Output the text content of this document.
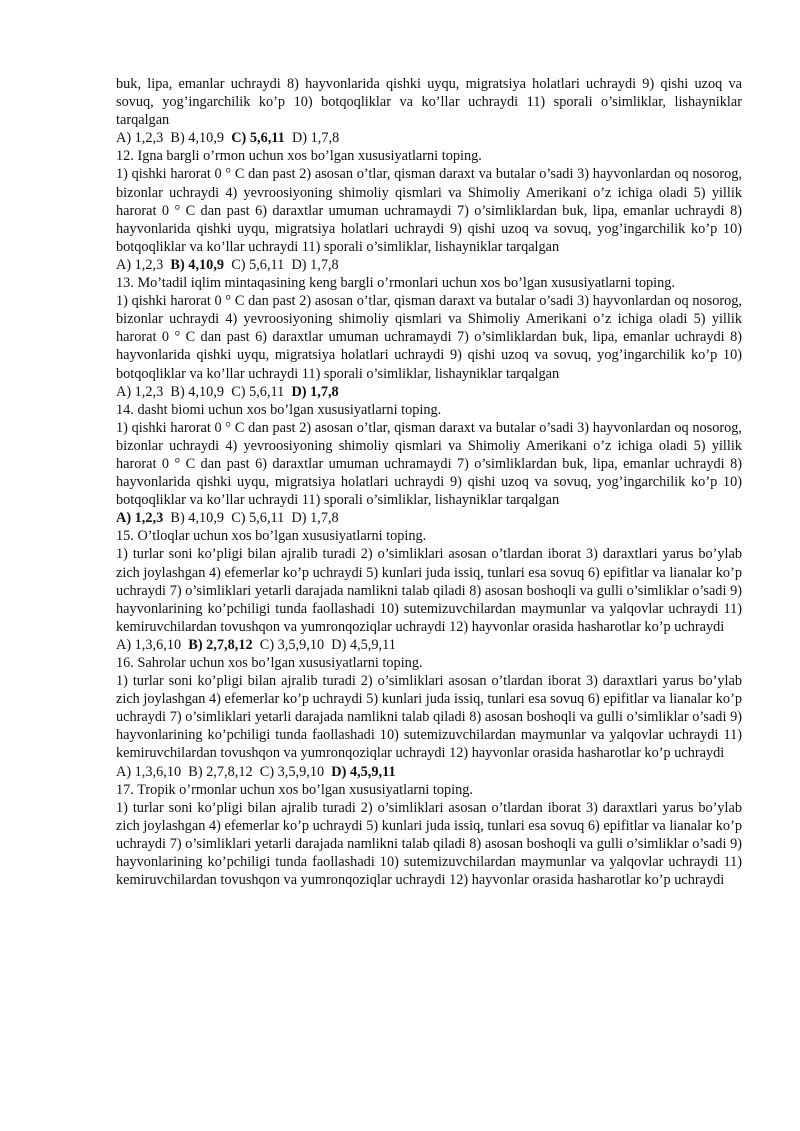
buk, lipa, emanlar uchraydi 8) hayvonlarida qishki uyqu, migratsiya holatlari uchraydi 9) qishi uzoq va sovuq, yog’ingarchilik ko’p 10) botqoqliklar va ko’llar uchraydi 11) sporali o’simliklar, lishayniklar tarqalgan

A) 1,2,3 B) 4,10,9 C) 5,6,11 D) 1,7,8

12. Igna bargli o’rmon uchun xos bo’lgan xususiyatlarni toping.

1) qishki harorat 0 ° C dan past 2) asosan o’tlar, qisman daraxt va butalar o’sadi 3) hayvonlardan oq nosorog, bizonlar uchraydi 4) yevroosiyoning shimoliy qismlari va Shimoliy Amerikani o’z ichiga oladi 5) yillik harorat 0 ° C dan past 6) daraxtlar umuman uchramaydi 7) o’simliklardan buk, lipa, emanlar uchraydi 8) hayvonlarida qishki uyqu, migratsiya holatlari uchraydi 9) qishi uzoq va sovuq, yog’ingarchilik ko’p 10) botqoqliklar va ko’llar uchraydi 11) sporali o’simliklar, lishayniklar tarqalgan

A) 1,2,3 B) 4,10,9 C) 5,6,11 D) 1,7,8

13. Mo’tadil iqlim mintaqasining keng bargli o’rmonlari uchun xos bo’lgan xususiyatlarni toping.

1) qishki harorat 0 ° C dan past 2) asosan o’tlar, qisman daraxt va butalar o’sadi 3) hayvonlardan oq nosorog, bizonlar uchraydi 4) yevroosiyoning shimoliy qismlari va Shimoliy Amerikani o’z ichiga oladi 5) yillik harorat 0 ° C dan past 6) daraxtlar umuman uchramaydi 7) o’simliklardan buk, lipa, emanlar uchraydi 8) hayvonlarida qishki uyqu, migratsiya holatlari uchraydi 9) qishi uzoq va sovuq, yog’ingarchilik ko’p 10) botqoqliklar va ko’llar uchraydi 11) sporali o’simliklar, lishayniklar tarqalgan

A) 1,2,3 B) 4,10,9 C) 5,6,11 D) 1,7,8

14. dasht biomi uchun xos bo’lgan xususiyatlarni toping.

1) qishki harorat 0 ° C dan past 2) asosan o’tlar, qisman daraxt va butalar o’sadi 3) hayvonlardan oq nosorog, bizonlar uchraydi 4) yevroosiyoning shimoliy qismlari va Shimoliy Amerikani o’z ichiga oladi 5) yillik harorat 0 ° C dan past 6) daraxtlar umuman uchramaydi 7) o’simliklardan buk, lipa, emanlar uchraydi 8) hayvonlarida qishki uyqu, migratsiya holatlari uchraydi 9) qishi uzoq va sovuq, yog’ingarchilik ko’p 10) botqoqliklar va ko’llar uchraydi 11) sporali o’simliklar, lishayniklar tarqalgan

A) 1,2,3 B) 4,10,9 C) 5,6,11 D) 1,7,8

15. O’tloqlar uchun xos bo’lgan xususiyatlarni toping.

1) turlar soni ko’pligi bilan ajralib turadi 2) o’simliklari asosan o’tlardan iborat 3) daraxtlari yarus bo’ylab zich joylashgan 4) efemerlar ko’p uchraydi 5) kunlari juda issiq, tunlari esa sovuq 6) epifitlar va lianalar ko’p uchraydi 7) o’simliklari yetarli darajada namlikni talab qiladi 8) asosan boshoqli va gulli o’simliklar o’sadi 9) hayvonlarining ko’pchiligi tunda faollashadi 10) sutemizuvchilardan maymunlar va yalqovlar uchraydi 11) kemiruvchilardan tovushqon va yumronqoziqlar uchraydi 12) hayvonlar orasida hasharotlar ko’p uchraydi

A) 1,3,6,10 B) 2,7,8,12 C) 3,5,9,10 D) 4,5,9,11

16. Sahrolar uchun xos bo’lgan xususiyatlarni toping.

1) turlar soni ko’pligi bilan ajralib turadi 2) o’simliklari asosan o’tlardan iborat 3) daraxtlari yarus bo’ylab zich joylashgan 4) efemerlar ko’p uchraydi 5) kunlari juda issiq, tunlari esa sovuq 6) epifitlar va lianalar ko’p uchraydi 7) o’simliklari yetarli darajada namlikni talab qiladi 8) asosan boshoqli va gulli o’simliklar o’sadi 9) hayvonlarining ko’pchiligi tunda faollashadi 10) sutemizuvchilardan maymunlar va yalqovlar uchraydi 11) kemiruvchilardan tovushqon va yumronqoziqlar uchraydi 12) hayvonlar orasida hasharotlar ko’p uchraydi

A) 1,3,6,10 B) 2,7,8,12 C) 3,5,9,10 D) 4,5,9,11

17. Tropik o’rmonlar uchun xos bo’lgan xususiyatlarni toping.

1) turlar soni ko’pligi bilan ajralib turadi 2) o’simliklari asosan o’tlardan iborat 3) daraxtlari yarus bo’ylab zich joylashgan 4) efemerlar ko’p uchraydi 5) kunlari juda issiq, tunlari esa sovuq 6) epifitlar va lianalar ko’p uchraydi 7) o’simliklari yetarli darajada namlikni talab qiladi 8) asosan boshoqli va gulli o’simliklar o’sadi 9) hayvonlarining ko’pchiligi tunda faollashadi 10) sutemizuvchilardan maymunlar va yalqovlar uchraydi 11) kemiruvchilardan tovushqon va yumronqoziqlar uchraydi 12) hayvonlar orasida hasharotlar ko’p uchraydi
